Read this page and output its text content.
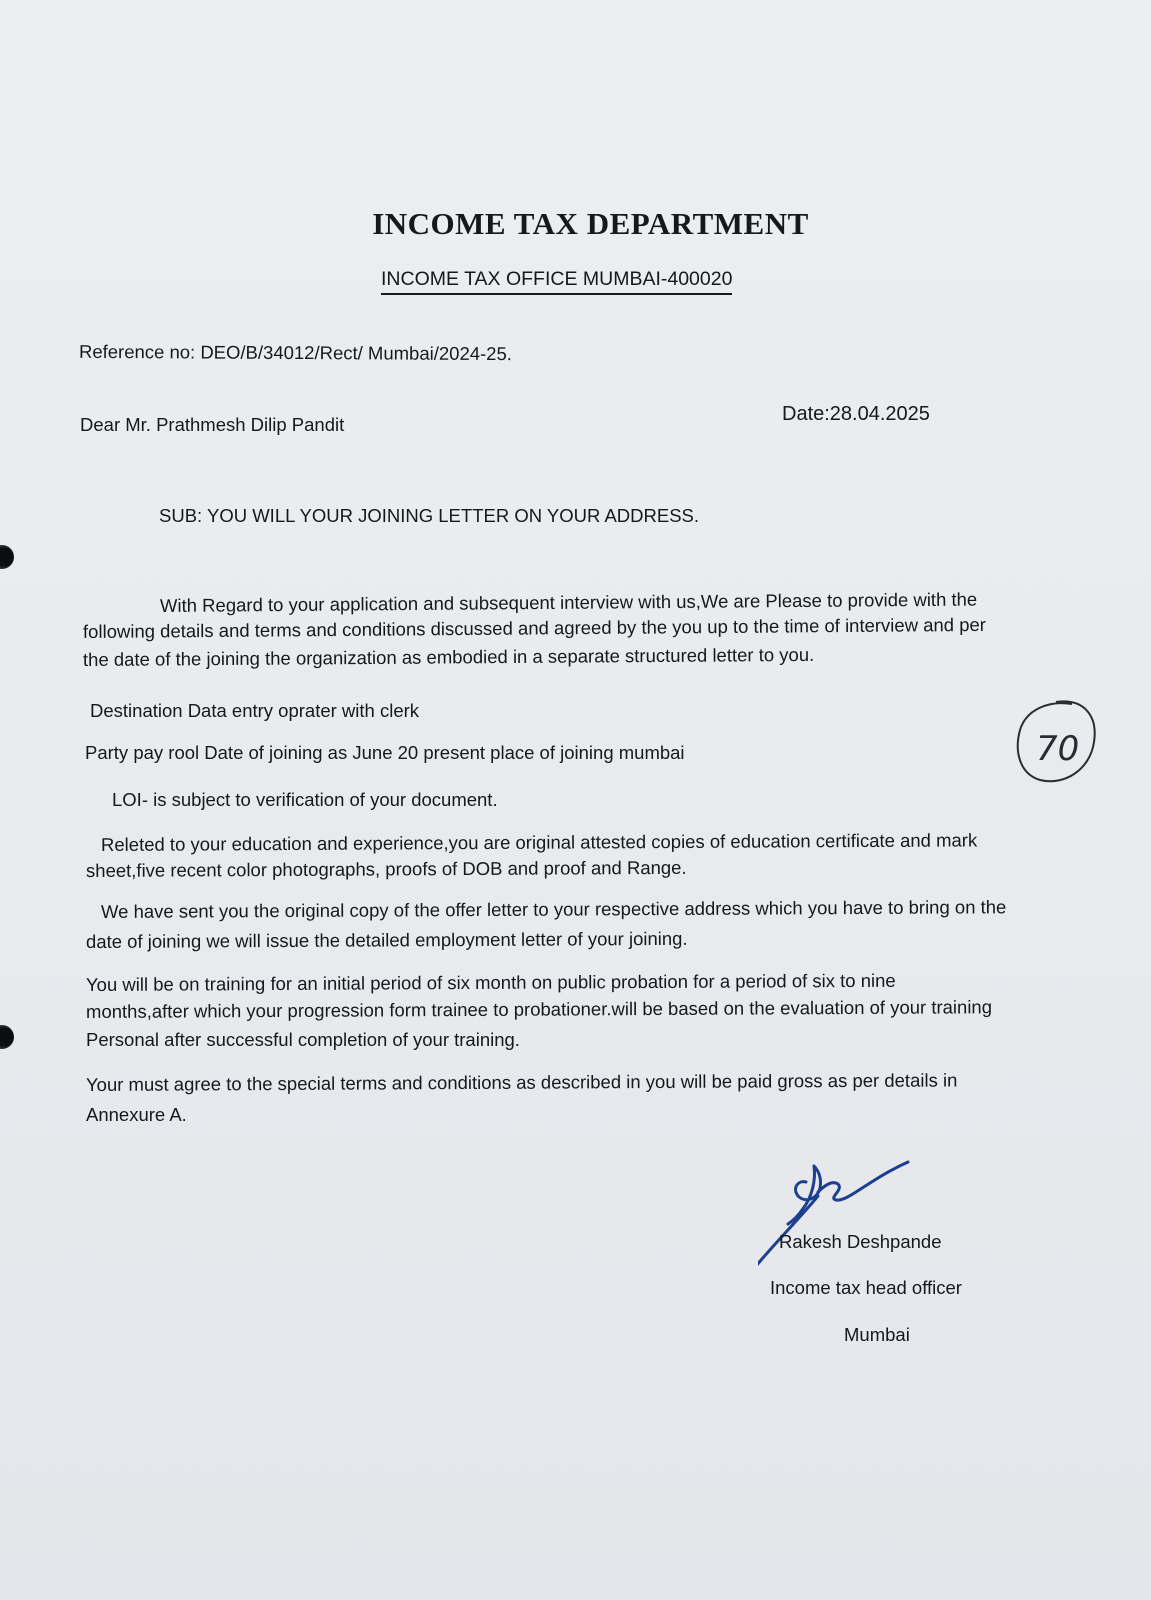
INCOME TAX DEPARTMENT
INCOME TAX OFFICE MUMBAI-400020
Reference no: DEO/B/34012/Rect/ Mumbai/2024-25.
Date:28.04.2025
Dear Mr. Prathmesh Dilip Pandit
SUB: YOU WILL YOUR JOINING LETTER ON YOUR ADDRESS.
With Regard to your application and subsequent interview with us,We are Please to provide with the
following details and terms and conditions discussed and agreed by the you up to the time of interview and per
the date of the joining the organization as embodied in a separate structured letter to you.
Destination Data entry oprater with clerk
Party pay rool Date of joining as June 20 present place of joining mumbai
LOI- is subject to verification of your document.
Releted to your education and experience,you are original attested copies of education certificate and mark
sheet,five recent color photographs, proofs of DOB and proof and Range.
We have sent you the original copy of the offer letter to your respective address which you have to bring on the
date of joining we will issue the detailed employment letter of your joining.
You will be on training for an initial period of six month on public probation for a period of six to nine
months,after which your progression form trainee to probationer.will be based on the evaluation of your training
Personal after successful completion of your training.
Your must agree to the special terms and conditions as described in you will be paid gross as per details in
Annexure A.
70
Rakesh Deshpande
Income tax head officer
Mumbai
